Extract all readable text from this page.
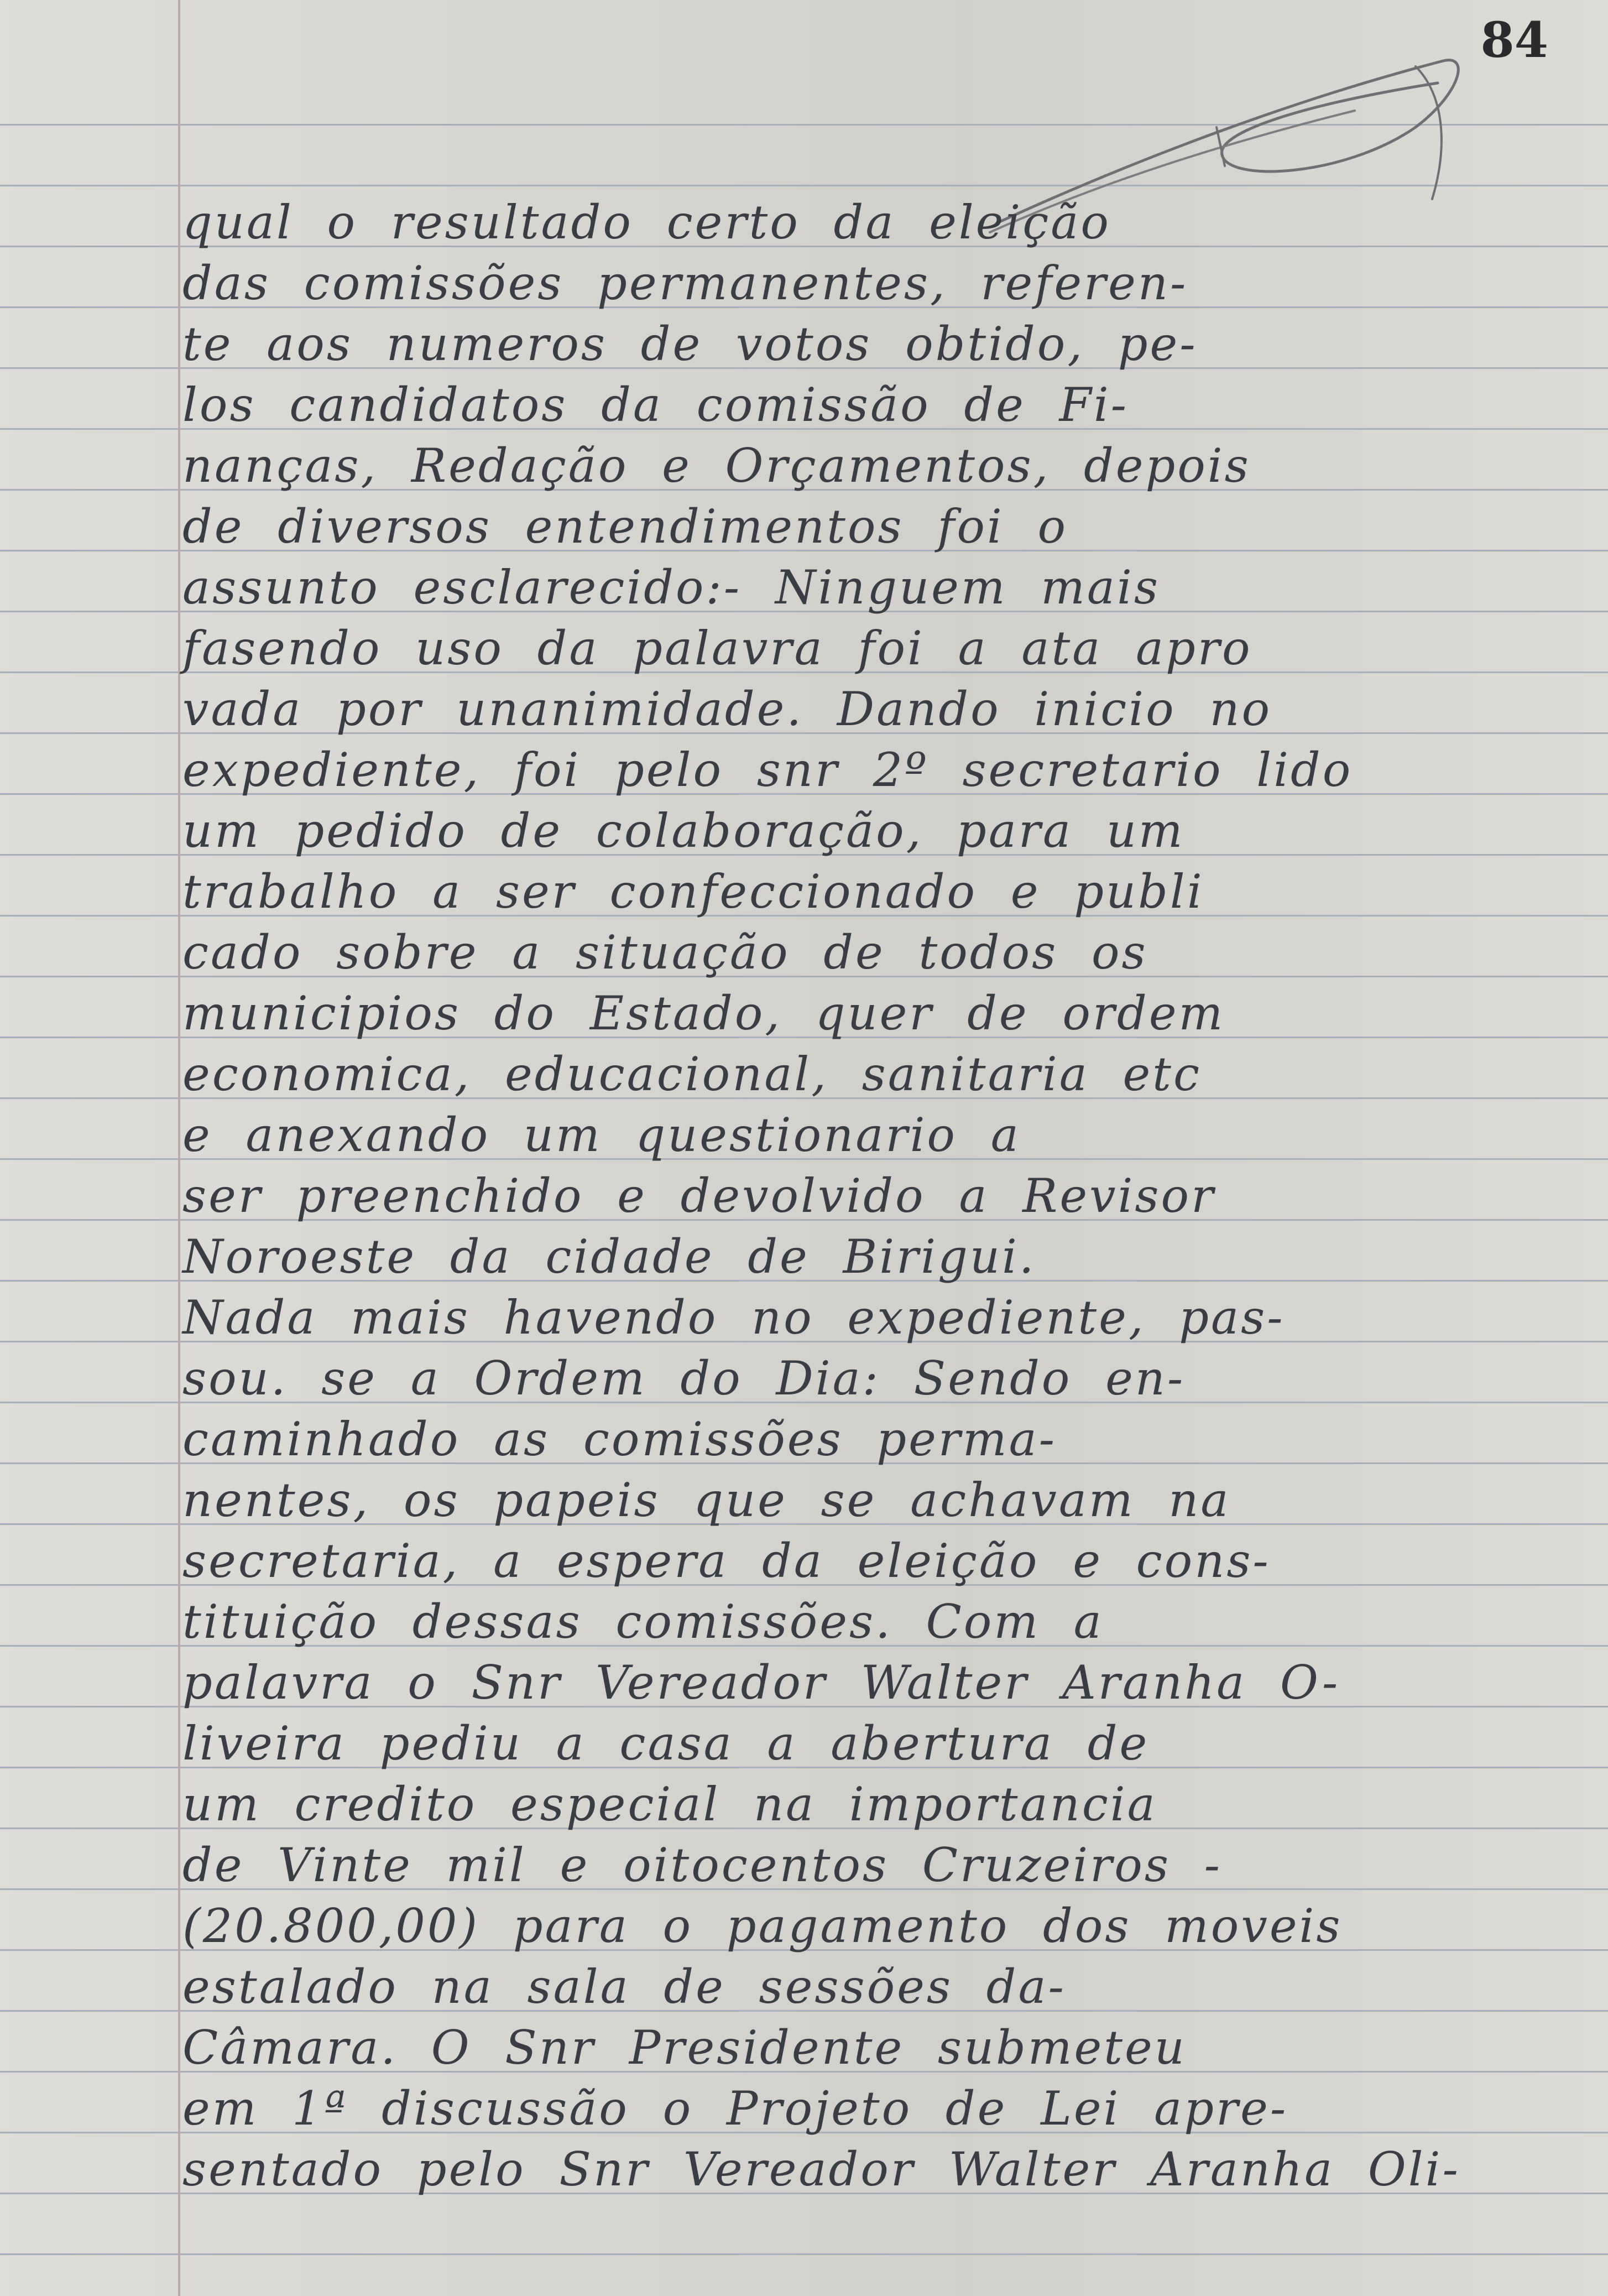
84
qual o resultado certo da eleição
das comissões permanentes, referen-
te aos numeros de votos obtido, pe-
los candidatos da comissão de Fi-
nanças, Redação e Orçamentos, depois
de diversos entendimentos foi o
assunto esclarecido:- Ninguem mais
fasendo uso da palavra foi a ata apro
vada por unanimidade. Dando inicio no
expediente, foi pelo snr 2º secretario lido
um pedido de colaboração, para um
trabalho a ser confeccionado e publi
cado sobre a situação de todos os
municipios do Estado, quer de ordem
economica, educacional, sanitaria etc
e anexando um questionario a
ser preenchido e devolvido a Revisor
Noroeste da cidade de Birigui.
Nada mais havendo no expediente, pas-
sou. se a Ordem do Dia: Sendo en-
caminhado as comissões perma-
nentes, os papeis que se achavam na
secretaria, a espera da eleição e cons-
tituição dessas comissões. Com a
palavra o Snr Vereador Walter Aranha O-
liveira pediu a casa a abertura de
um credito especial na importancia
de Vinte mil e oitocentos Cruzeiros -
(20.800,00) para o pagamento dos moveis
estalado na sala de sessões da-
Câmara. O Snr Presidente submeteu
em 1ª discussão o Projeto de Lei apre-
sentado pelo Snr Vereador Walter Aranha Oli-
